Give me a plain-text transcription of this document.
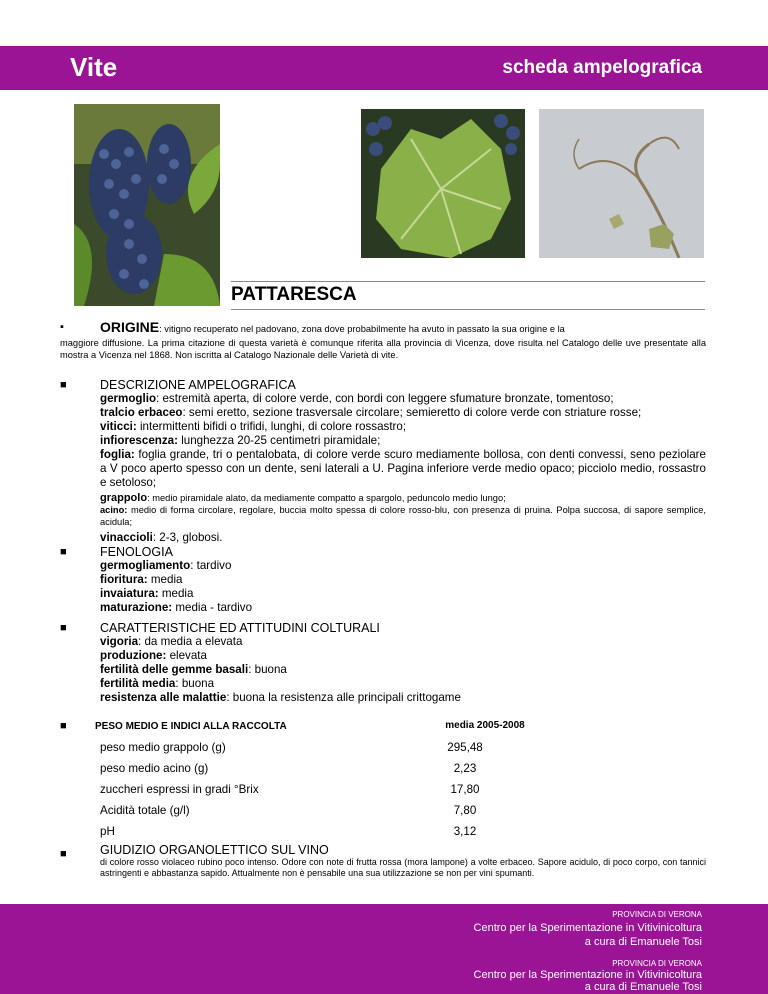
Vite	scheda ampelografica
PATTARESCA
▪	ORIGINE: vitigno recuperato nel padovano, zona dove probabilmente ha avuto in passato la sua origine e la
maggiore diffusione. La prima citazione di questa varietà è comunque riferita alla provincia di Vicenza, dove risulta nel Catalogo delle uve presentate alla mostra a Vicenza nel 1868. Non iscritta al Catalogo Nazionale delle Varietà di vite.
■	DESCRIZIONE AMPELOGRAFICA
germoglio: estremità aperta, di colore verde, con bordi con leggere sfumature bronzate, tomentoso;
tralcio erbaceo: semi eretto, sezione trasversale circolare; semieretto di colore verde con striature rosse;
viticci: intermittenti bifidi o trifidi, lunghi, di colore rossastro;
infiorescenza: lunghezza 20-25 centimetri piramidale;
foglia: foglia grande, tri o pentalobata, di colore verde scuro mediamente bollosa, con denti convessi, seno peziolare a V poco aperto spesso con un dente, seni laterali a U. Pagina inferiore verde medio opaco; picciolo medio, rossastro e setoloso;
grappolo: medio piramidale alato, da mediamente compatto a spargolo, peduncolo medio lungo;
acino: medio di forma circolare, regolare, buccia molto spessa di colore rosso-blu, con presenza di pruina. Polpa succosa, di sapore semplice, acidula;
vinaccioli: 2-3, globosi.
■	FENOLOGIA
germogliamento: tardivo
fioritura: media
invaiatura: media
maturazione: media - tardivo
■	CARATTERISTICHE ED ATTITUDINI COLTURALI
vigoria: da media a elevata
produzione: elevata
fertilità delle gemme basali: buona
fertilità media: buona
resistenza alle malattie: buona la resistenza alle principali crittogame
■	PESO MEDIO E INDICI ALLA RACCOLTA	media 2005-2008
peso medio grappolo (g)	295,48
peso medio acino (g)	2,23
zuccheri espressi in gradi °Brix	17,80
Acidità totale (g/l)	7,80
pH	3,12
■	GIUDIZIO ORGANOLETTICO SUL VINO
di colore rosso violaceo rubino poco intenso. Odore con note di frutta rossa (mora lampone) a volte erbaceo. Sapore acidulo, di poco corpo, con tannici astringenti e abbastanza sapido. Attualmente non è pensabile una sua utilizzazione se non per vini spumanti.
PROVINCIA DI VERONA
Centro per la Sperimentazione in Vitivinicoltura
a cura di Emanuele Tosi
PROVINCIA DI VERONA
Centro per la Sperimentazione in Vitivinicoltura
a cura di Emanuele Tosi
